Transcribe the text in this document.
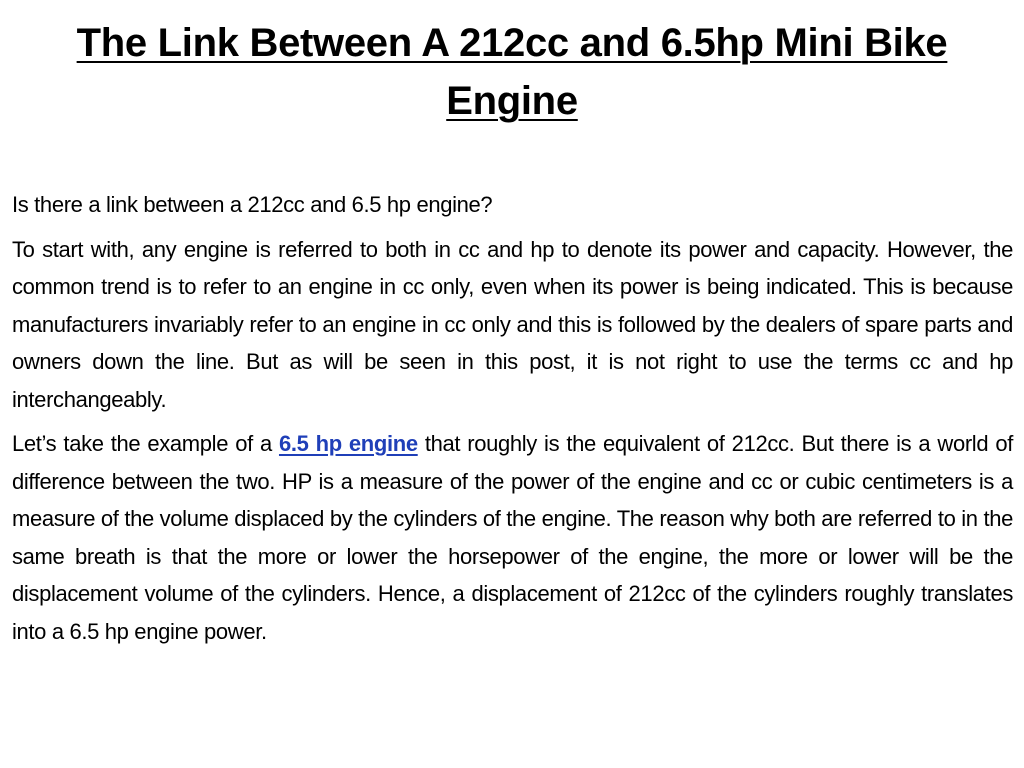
The Link Between A 212cc and 6.5hp Mini Bike Engine

Is there a link between a 212cc and 6.5 hp engine?

To start with, any engine is referred to both in cc and hp to denote its power and capacity. However, the common trend is to refer to an engine in cc only, even when its power is being indicated. This is because manufacturers invariably refer to an engine in cc only and this is followed by the dealers of spare parts and owners down the line. But as will be seen in this post, it is not right to use the terms cc and hp interchangeably.

Let’s take the example of a 6.5 hp engine that roughly is the equivalent of 212cc. But there is a world of difference between the two. HP is a measure of the power of the engine and cc or cubic centimeters is a measure of the volume displaced by the cylinders of the engine. The reason why both are referred to in the same breath is that the more or lower the horsepower of the engine, the more or lower will be the displacement volume of the cylinders. Hence, a displacement of 212cc of the cylinders roughly translates into a 6.5 hp engine power.
